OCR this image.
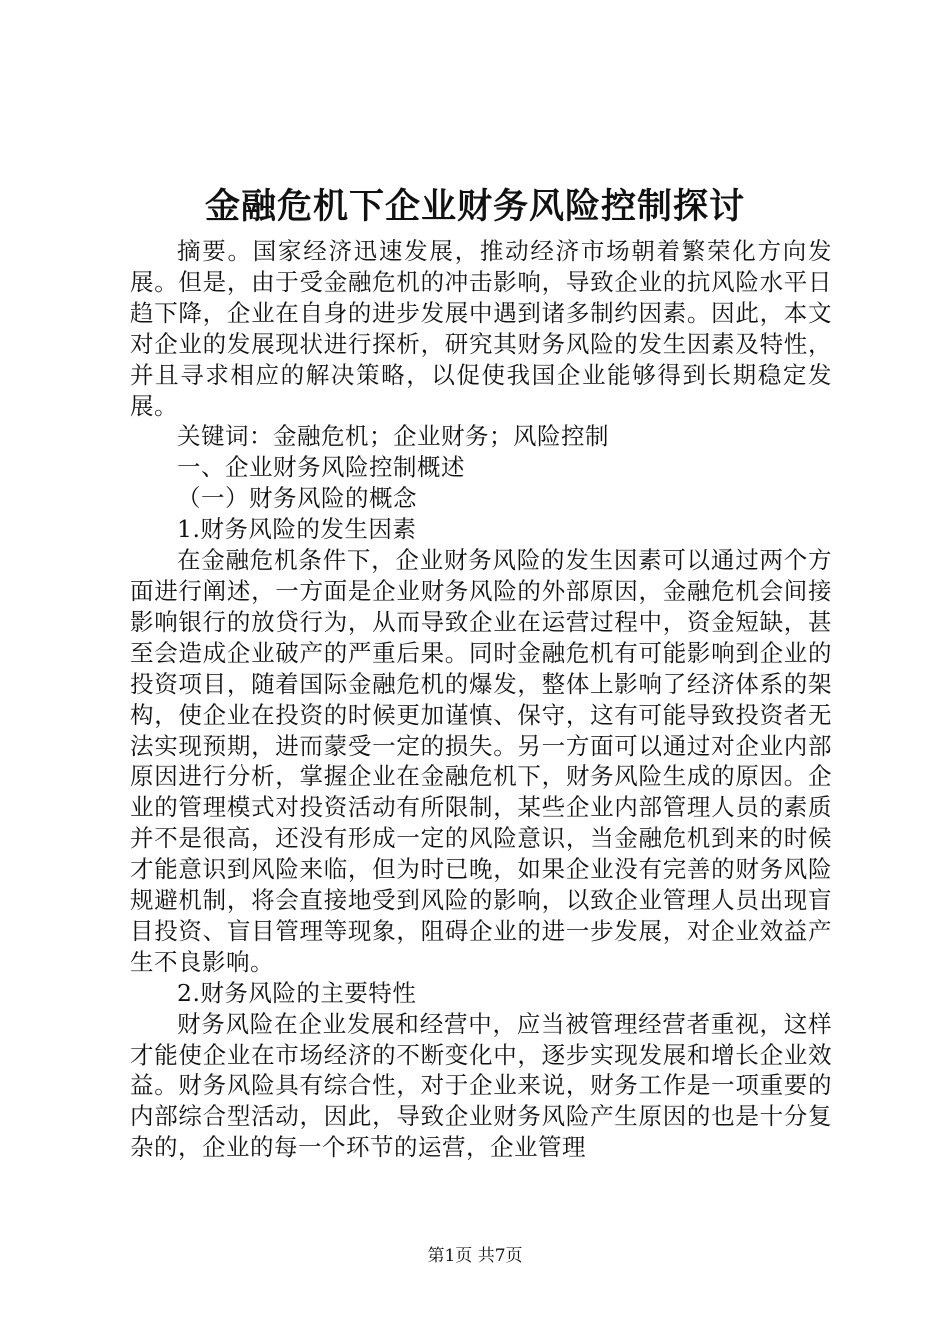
金融危机下企业财务风险控制探讨

摘要。国家经济迅速发展，推动经济市场朝着繁荣化方向发展。但是，由于受金融危机的冲击影响，导致企业的抗风险水平日趋下降，企业在自身的进步发展中遇到诸多制约因素。因此，本文对企业的发展现状进行探析，研究其财务风险的发生因素及特性，并且寻求相应的解决策略，以促使我国企业能够得到长期稳定发展。

关键词：金融危机；企业财务；风险控制

一、企业财务风险控制概述

（一）财务风险的概念

1.财务风险的发生因素

在金融危机条件下，企业财务风险的发生因素可以通过两个方面进行阐述，一方面是企业财务风险的外部原因，金融危机会间接影响银行的放贷行为，从而导致企业在运营过程中，资金短缺，甚至会造成企业破产的严重后果。同时金融危机有可能影响到企业的投资项目，随着国际金融危机的爆发，整体上影响了经济体系的架构，使企业在投资的时候更加谨慎、保守，这有可能导致投资者无法实现预期，进而蒙受一定的损失。另一方面可以通过对企业内部原因进行分析，掌握企业在金融危机下，财务风险生成的原因。企业的管理模式对投资活动有所限制，某些企业内部管理人员的素质并不是很高，还没有形成一定的风险意识，当金融危机到来的时候才能意识到风险来临，但为时已晚，如果企业没有完善的财务风险规避机制，将会直接地受到风险的影响，以致企业管理人员出现盲目投资、盲目管理等现象，阻碍企业的进一步发展，对企业效益产生不良影响。

2.财务风险的主要特性

财务风险在企业发展和经营中，应当被管理经营者重视，这样才能使企业在市场经济的不断变化中，逐步实现发展和增长企业效益。财务风险具有综合性，对于企业来说，财务工作是一项重要的内部综合型活动，因此，导致企业财务风险产生原因的也是十分复杂的，企业的每一个环节的运营，企业管理

第1页 共7页
